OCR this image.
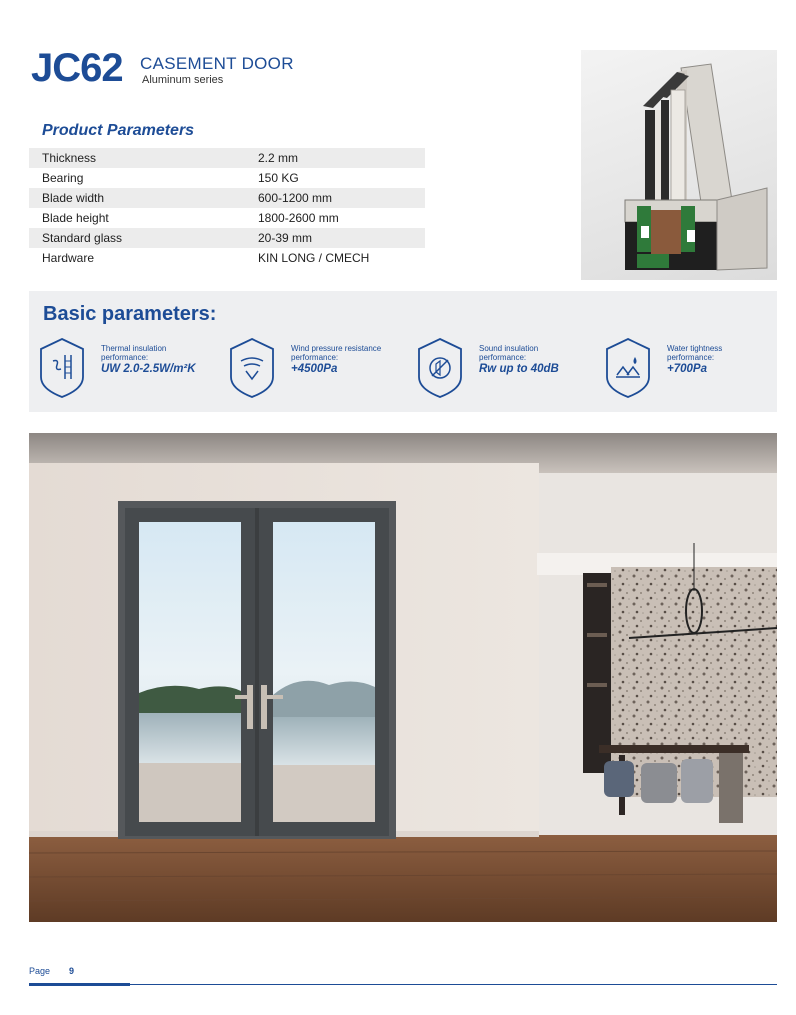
JC62 CASEMENT DOOR
Aluminum series
Product Parameters
Thickness	2.2 mm
Bearing	150 KG
Blade width	600-1200 mm
Blade height	1800-2600 mm
Standard glass	20-39 mm
Hardware	KIN LONG / CMECH
Basic parameters:
Thermal insulation
performance:
UW 2.0-2.5W/m²K
Wind pressure resistance
performance:
+4500Pa
Sound insulation
performance:
Rw up to 40dB
Water tightness
performance:
+700Pa
Page 9
